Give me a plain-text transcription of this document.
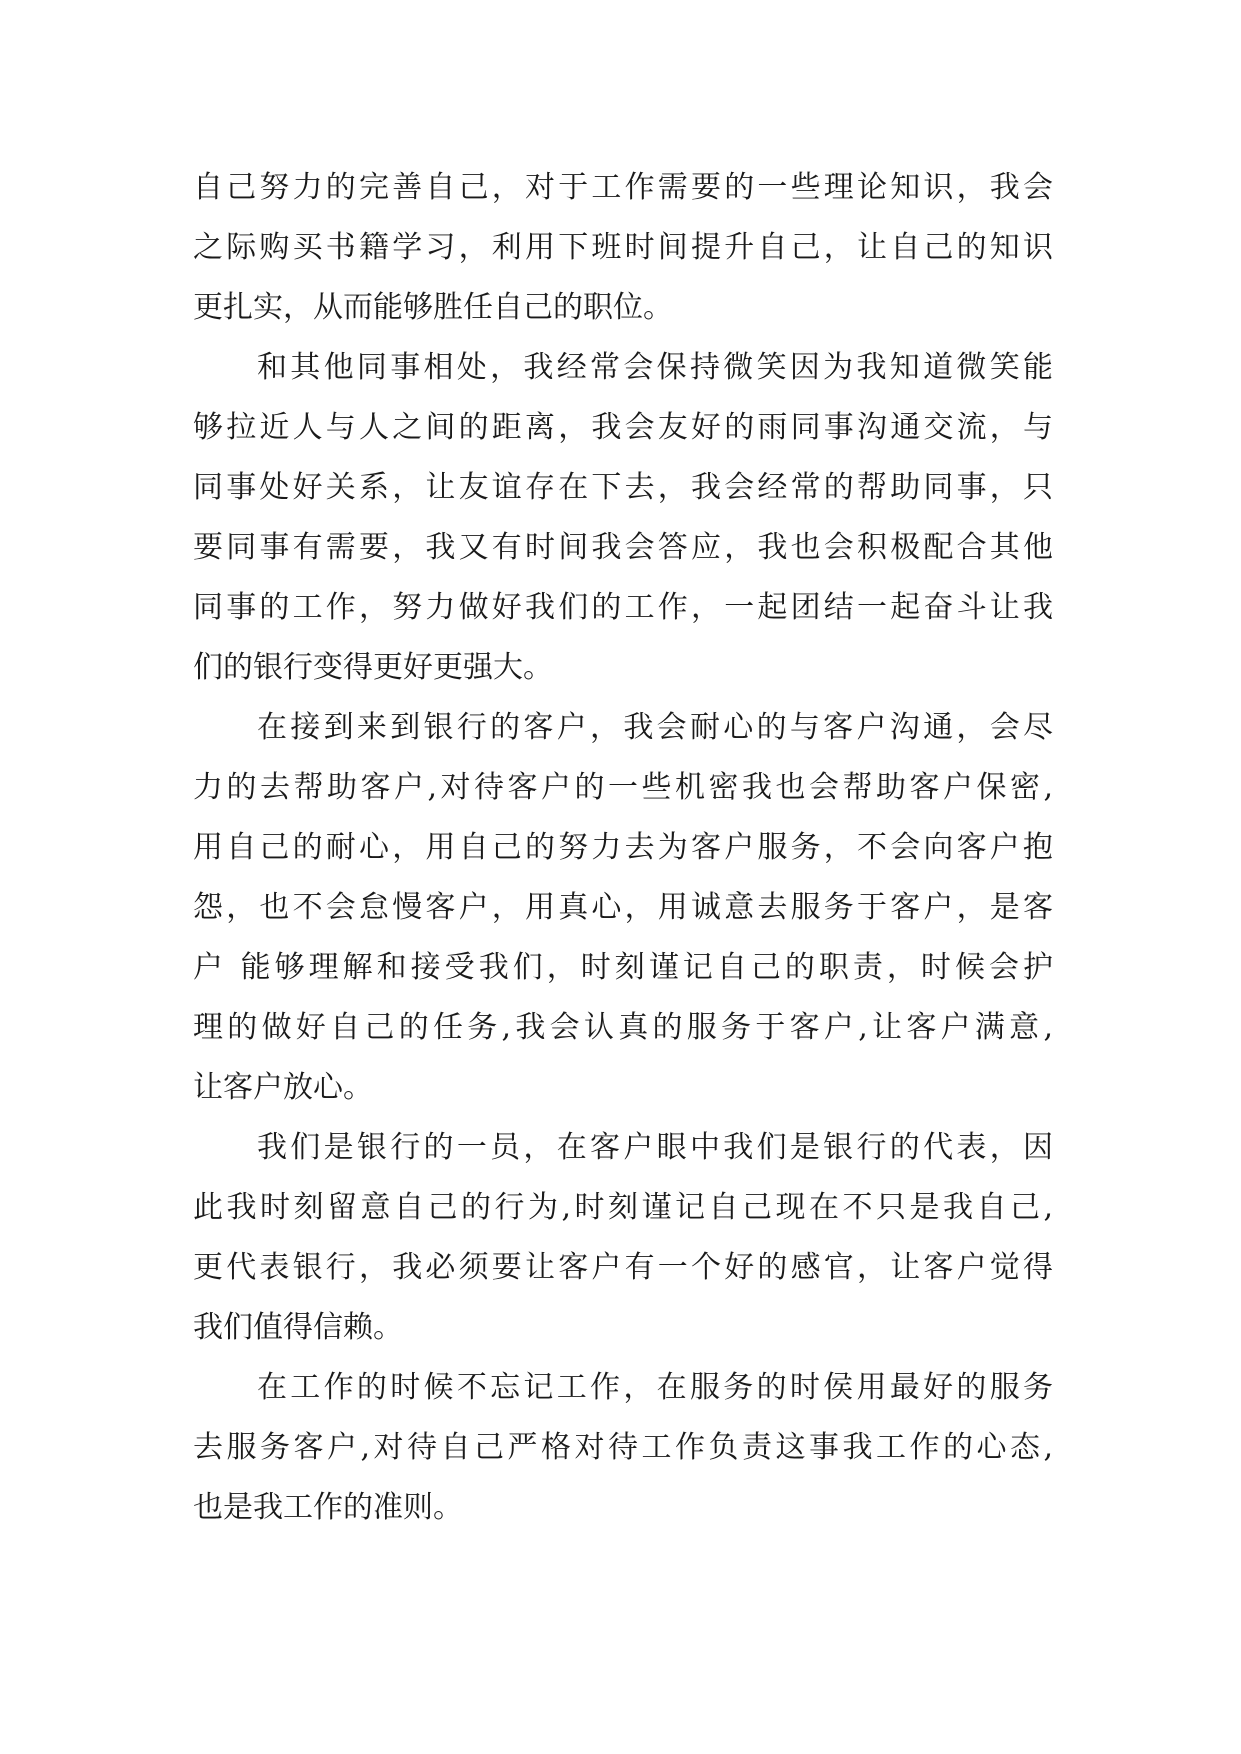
自己努力的完善自己，对于工作需要的一些理论知识，我会
之际购买书籍学习，利用下班时间提升自己，让自己的知识
更扎实，从而能够胜任自己的职位。
和其他同事相处，我经常会保持微笑因为我知道微笑能
够拉近人与人之间的距离，我会友好的雨同事沟通交流，与
同事处好关系，让友谊存在下去，我会经常的帮助同事，只
要同事有需要，我又有时间我会答应，我也会积极配合其他
同事的工作，努力做好我们的工作，一起团结一起奋斗让我
们的银行变得更好更强大。
在接到来到银行的客户，我会耐心的与客户沟通，会尽
力的去帮助客户,对待客户的一些机密我也会帮助客户保密,
用自己的耐心，用自己的努力去为客户服务，不会向客户抱
怨，也不会怠慢客户，用真心，用诚意去服务于客户，是客
户 能够理解和接受我们，时刻谨记自己的职责，时候会护
理的做好自己的任务,我会认真的服务于客户,让客户满意,
让客户放心。
我们是银行的一员，在客户眼中我们是银行的代表，因
此我时刻留意自己的行为,时刻谨记自己现在不只是我自己,
更代表银行，我必须要让客户有一个好的感官，让客户觉得
我们值得信赖。
在工作的时候不忘记工作，在服务的时侯用最好的服务
去服务客户,对待自己严格对待工作负责这事我工作的心态,
也是我工作的准则。
